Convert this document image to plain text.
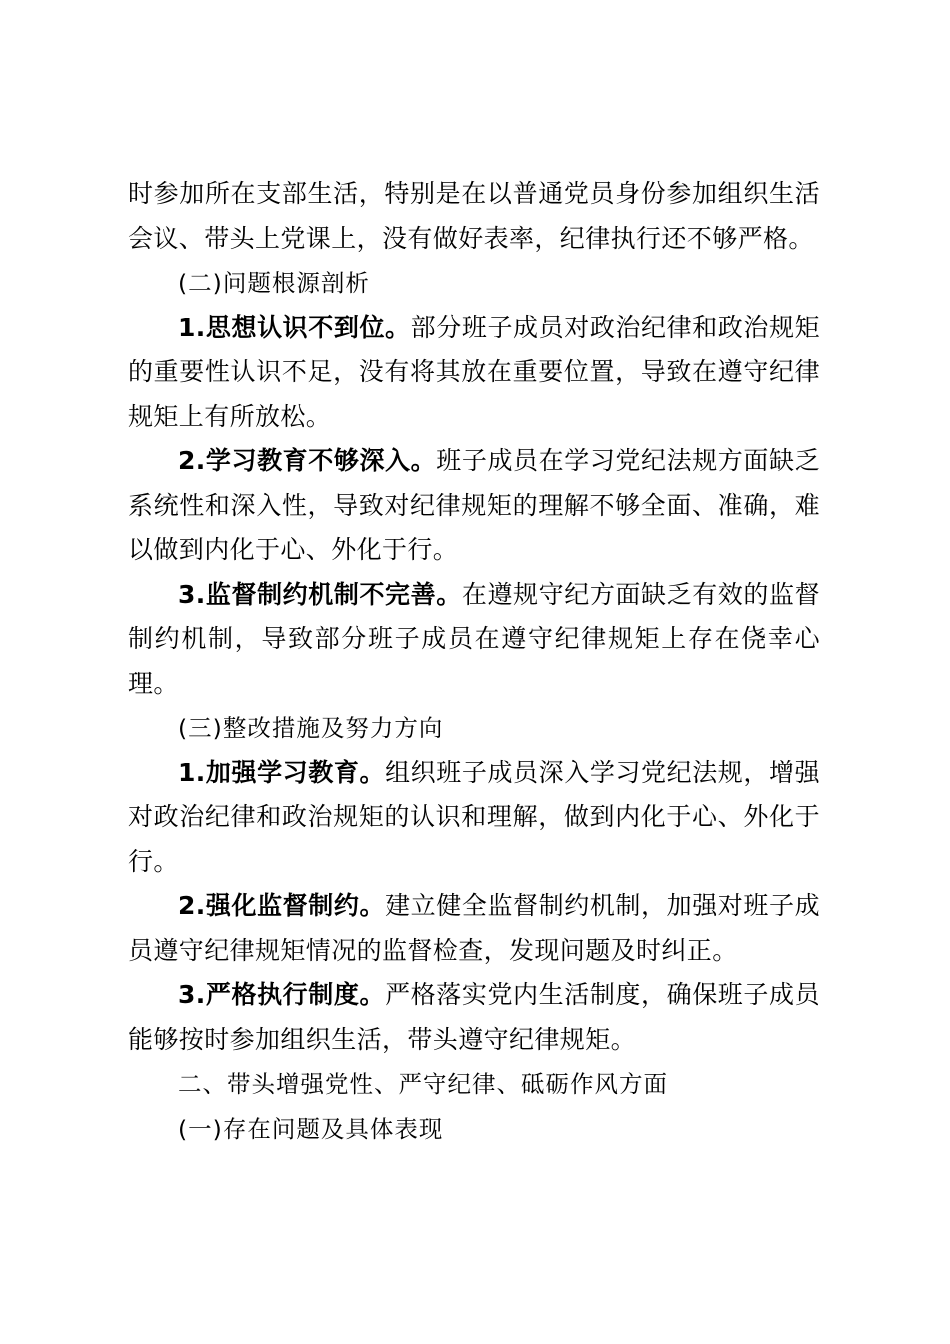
时参加所在支部生活，特别是在以普通党员身份参加组织生活会议、带头上党课上，没有做好表率，纪律执行还不够严格。

(二)问题根源剖析

1.思想认识不到位。部分班子成员对政治纪律和政治规矩的重要性认识不足，没有将其放在重要位置，导致在遵守纪律规矩上有所放松。

2.学习教育不够深入。班子成员在学习党纪法规方面缺乏系统性和深入性，导致对纪律规矩的理解不够全面、准确，难以做到内化于心、外化于行。

3.监督制约机制不完善。在遵规守纪方面缺乏有效的监督制约机制，导致部分班子成员在遵守纪律规矩上存在侥幸心理。

(三)整改措施及努力方向

1.加强学习教育。组织班子成员深入学习党纪法规，增强对政治纪律和政治规矩的认识和理解，做到内化于心、外化于行。

2.强化监督制约。建立健全监督制约机制，加强对班子成员遵守纪律规矩情况的监督检查，发现问题及时纠正。

3.严格执行制度。严格落实党内生活制度，确保班子成员能够按时参加组织生活，带头遵守纪律规矩。

二、带头增强党性、严守纪律、砥砺作风方面

(一)存在问题及具体表现
